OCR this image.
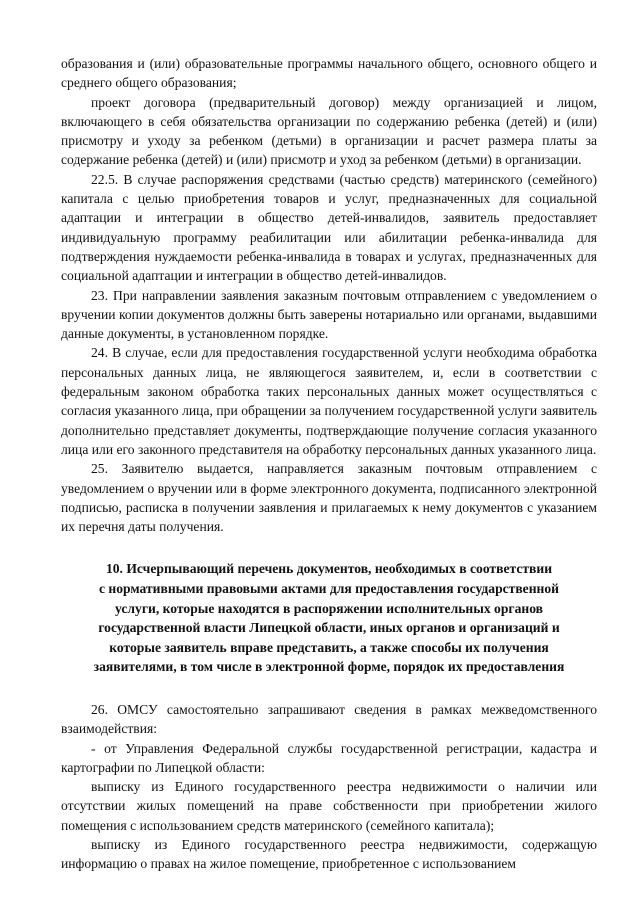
образования и (или) образовательные программы начального общего, основного общего и среднего общего образования;

проект договора (предварительный договор) между организацией и лицом, включающего в себя обязательства организации по содержанию ребенка (детей) и (или) присмотру и уходу за ребенком (детьми) в организации и расчет размера платы за содержание ребенка (детей) и (или) присмотр и уход за ребенком (детьми) в организации.

22.5. В случае распоряжения средствами (частью средств) материнского (семейного) капитала с целью приобретения товаров и услуг, предназначенных для социальной адаптации и интеграции в общество детей-инвалидов, заявитель предоставляет индивидуальную программу реабилитации или абилитации ребенка-инвалида для подтверждения нуждаемости ребенка-инвалида в товарах и услугах, предназначенных для социальной адаптации и интеграции в общество детей-инвалидов.

23. При направлении заявления заказным почтовым отправлением с уведомлением о вручении копии документов должны быть заверены нотариально или органами, выдавшими данные документы, в установленном порядке.

24. В случае, если для предоставления государственной услуги необходима обработка персональных данных лица, не являющегося заявителем, и, если в соответствии с федеральным законом обработка таких персональных данных может осуществляться с согласия указанного лица, при обращении за получением государственной услуги заявитель дополнительно представляет документы, подтверждающие получение согласия указанного лица или его законного представителя на обработку персональных данных указанного лица.

25. Заявителю выдается, направляется заказным почтовым отправлением с уведомлением о вручении или в форме электронного документа, подписанного электронной подписью, расписка в получении заявления и прилагаемых к нему документов с указанием их перечня даты получения.

10. Исчерпывающий перечень документов, необходимых в соответствии
с нормативными правовыми актами для предоставления государственной
услуги, которые находятся в распоряжении исполнительных органов
государственной власти Липецкой области, иных органов и организаций и
которые заявитель вправе представить, а также способы их получения
заявителями, в том числе в электронной форме, порядок их предоставления

26. ОМСУ самостоятельно запрашивают сведения в рамках межведомственного взаимодействия:

- от Управления Федеральной службы государственной регистрации, кадастра и картографии по Липецкой области:

выписку из Единого государственного реестра недвижимости о наличии или отсутствии жилых помещений на праве собственности при приобретении жилого помещения с использованием средств материнского (семейного капитала);

выписку из Единого государственного реестра недвижимости, содержащую информацию о правах на жилое помещение, приобретенное с использованием
